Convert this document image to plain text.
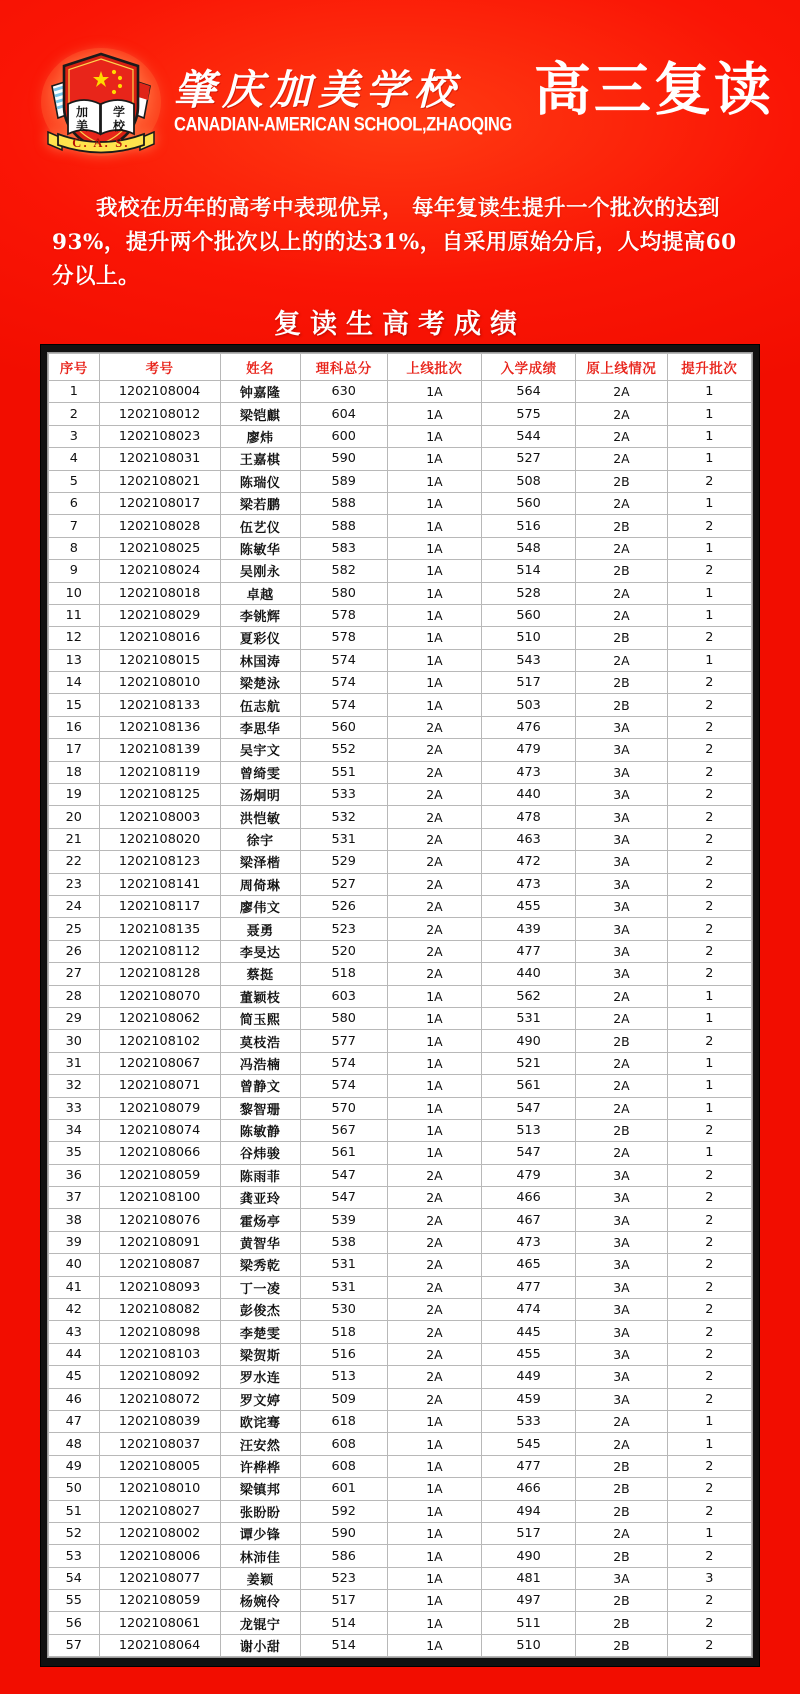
加 学
美 校
C. A. S.
肇庆加美学校
CANADIAN-AMERICAN SCHOOL,ZHAOQING
高三复读
我校在历年的高考中表现优异， 每年复读生提升一个批次的达到93%，提升两个批次以上的的达31%，自采用原始分后，人均提高60分以上。
复读生高考成绩
序号	考号	姓名	理科总分	上线批次	入学成绩	原上线情况	提升批次
1	1202108004	钟嘉隆	630	1A	564	2A	1
2	1202108012	梁铠麒	604	1A	575	2A	1
3	1202108023	廖炜	600	1A	544	2A	1
4	1202108031	王嘉棋	590	1A	527	2A	1
5	1202108021	陈瑞仪	589	1A	508	2B	2
6	1202108017	梁若鹏	588	1A	560	2A	1
7	1202108028	伍艺仪	588	1A	516	2B	2
8	1202108025	陈敏华	583	1A	548	2A	1
9	1202108024	吴刚永	582	1A	514	2B	2
10	1202108018	卓越	580	1A	528	2A	1
11	1202108029	李铫辉	578	1A	560	2A	1
12	1202108016	夏彩仪	578	1A	510	2B	2
13	1202108015	林国涛	574	1A	543	2A	1
14	1202108010	梁楚泳	574	1A	517	2B	2
15	1202108133	伍志航	574	1A	503	2B	2
16	1202108136	李思华	560	2A	476	3A	2
17	1202108139	吴宇文	552	2A	479	3A	2
18	1202108119	曾绮雯	551	2A	473	3A	2
19	1202108125	汤炯明	533	2A	440	3A	2
20	1202108003	洪恺敏	532	2A	478	3A	2
21	1202108020	徐宇	531	2A	463	3A	2
22	1202108123	梁泽楷	529	2A	472	3A	2
23	1202108141	周倚琳	527	2A	473	3A	2
24	1202108117	廖伟文	526	2A	455	3A	2
25	1202108135	聂勇	523	2A	439	3A	2
26	1202108112	李旻达	520	2A	477	3A	2
27	1202108128	蔡挺	518	2A	440	3A	2
28	1202108070	董颖枝	603	1A	562	2A	1
29	1202108062	简玉熙	580	1A	531	2A	1
30	1202108102	莫枝浩	577	1A	490	2B	2
31	1202108067	冯浩楠	574	1A	521	2A	1
32	1202108071	曾静文	574	1A	561	2A	1
33	1202108079	黎智珊	570	1A	547	2A	1
34	1202108074	陈敏静	567	1A	513	2B	2
35	1202108066	谷炜骏	561	1A	547	2A	1
36	1202108059	陈雨菲	547	2A	479	3A	2
37	1202108100	龚亚玲	547	2A	466	3A	2
38	1202108076	霍炀亭	539	2A	467	3A	2
39	1202108091	黄智华	538	2A	473	3A	2
40	1202108087	梁秀乾	531	2A	465	3A	2
41	1202108093	丁一凌	531	2A	477	3A	2
42	1202108082	彭俊杰	530	2A	474	3A	2
43	1202108098	李楚雯	518	2A	445	3A	2
44	1202108103	梁贺斯	516	2A	455	3A	2
45	1202108092	罗水连	513	2A	449	3A	2
46	1202108072	罗文婷	509	2A	459	3A	2
47	1202108039	欧诧骞	618	1A	533	2A	1
48	1202108037	汪安然	608	1A	545	2A	1
49	1202108005	许桦桦	608	1A	477	2B	2
50	1202108010	梁镇邦	601	1A	466	2B	2
51	1202108027	张盼盼	592	1A	494	2B	2
52	1202108002	谭少锋	590	1A	517	2A	1
53	1202108006	林沛佳	586	1A	490	2B	2
54	1202108077	姜颖	523	1A	481	3A	3
55	1202108059	杨婉伶	517	1A	497	2B	2
56	1202108061	龙锟宁	514	1A	511	2B	2
57	1202108064	谢小甜	514	1A	510	2B	2
